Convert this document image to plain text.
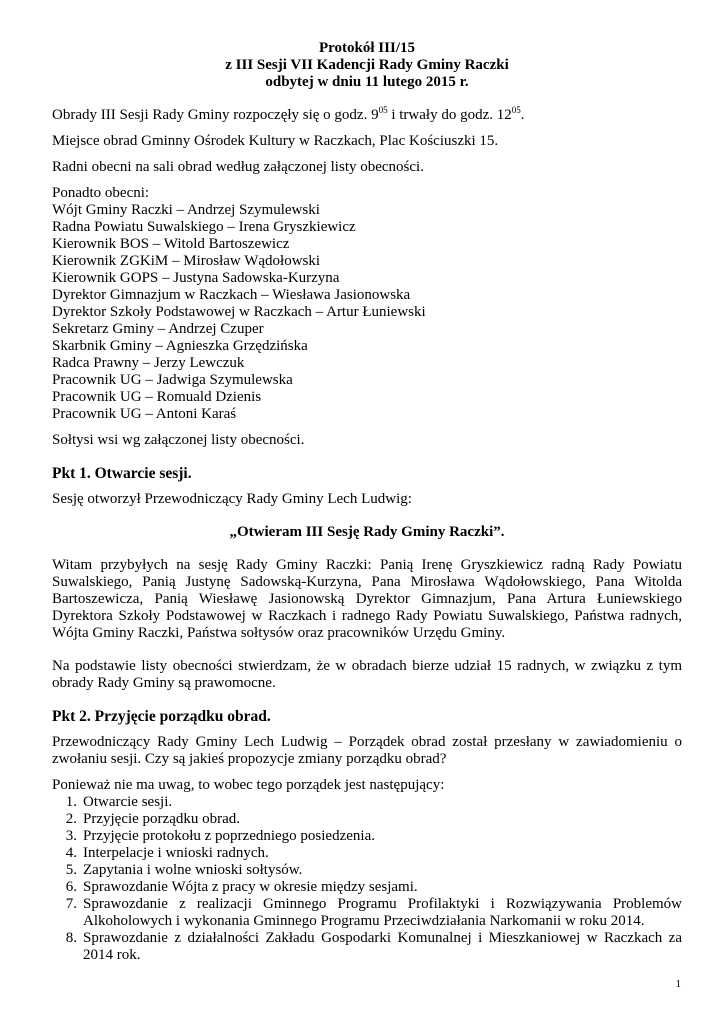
Protokół III/15
z III Sesji VII Kadencji Rady Gminy Raczki
odbytej w dniu 11 lutego 2015 r.

Obrady III Sesji Rady Gminy rozpoczęły się o godz. $9^{05}$ i trwały do godz. $12^{05}$.

Miejsce obrad Gminny Ośrodek Kultury w Raczkach, Plac Kościuszki 15.

Radni obecni na sali obrad według załączonej listy obecności.

Ponadto obecni:

Wójt Gminy Raczki – Andrzej Szymulewski
Radna Powiatu Suwalskiego – Irena Gryszkiewicz
Kierownik BOS – Witold Bartoszewicz
Kierownik ZGKiM – Mirosław Wądołowski
Kierownik GOPS – Justyna Sadowska-Kurzyna
Dyrektor Gimnazjum w Raczkach – Wiesława Jasionowska
Dyrektor Szkoły Podstawowej w Raczkach – Artur Łuniewski
Sekretarz Gminy – Andrzej Czuper
Skarbnik Gminy – Agnieszka Grzędzińska
Radca Prawny – Jerzy Lewczuk
Pracownik UG – Jadwiga Szymulewska
Pracownik UG – Romuald Dzienis
Pracownik UG – Antoni Karaś

Sołtysi wsi wg załączonej listy obecności.

Pkt 1. Otwarcie sesji.

Sesję otworzył Przewodniczący Rady Gminy Lech Ludwig:

„Otwieram III Sesję Rady Gminy Raczki”.

Witam przybyłych na sesję Rady Gminy Raczki: Panią Irenę Gryszkiewicz radną Rady Powiatu Suwalskiego, Panią Justynę Sadowską-Kurzyna, Pana Mirosława Wądołowskiego, Pana Witolda Bartoszewicza, Panią Wiesławę Jasionowską Dyrektor Gimnazjum, Pana Artura Łuniewskiego Dyrektora Szkoły Podstawowej w Raczkach i radnego Rady Powiatu Suwalskiego, Państwa radnych, Wójta Gminy Raczki, Państwa sołtysów oraz pracowników Urzędu Gminy.

Na podstawie listy obecności stwierdzam, że w obradach bierze udział 15 radnych, w związku z tym obrady Rady Gminy są prawomocne.

Pkt 2. Przyjęcie porządku obrad.

Przewodniczący Rady Gminy Lech Ludwig – Porządek obrad został przesłany w zawiadomieniu o zwołaniu sesji. Czy są jakieś propozycje zmiany porządku obrad?

Ponieważ nie ma uwag, to wobec tego porządek jest następujący:

1. Otwarcie sesji.
2. Przyjęcie porządku obrad.
3. Przyjęcie protokołu z poprzedniego posiedzenia.
4. Interpelacje i wnioski radnych.
5. Zapytania i wolne wnioski sołtysów.
6. Sprawozdanie Wójta z pracy w okresie między sesjami.
7. Sprawozdanie z realizacji Gminnego Programu Profilaktyki i Rozwiązywania Problemów Alkoholowych i wykonania Gminnego Programu Przeciwdziałania Narkomanii w roku 2014.
8. Sprawozdanie z działalności Zakładu Gospodarki Komunalnej i Mieszkaniowej w Raczkach za 2014 rok.
1
